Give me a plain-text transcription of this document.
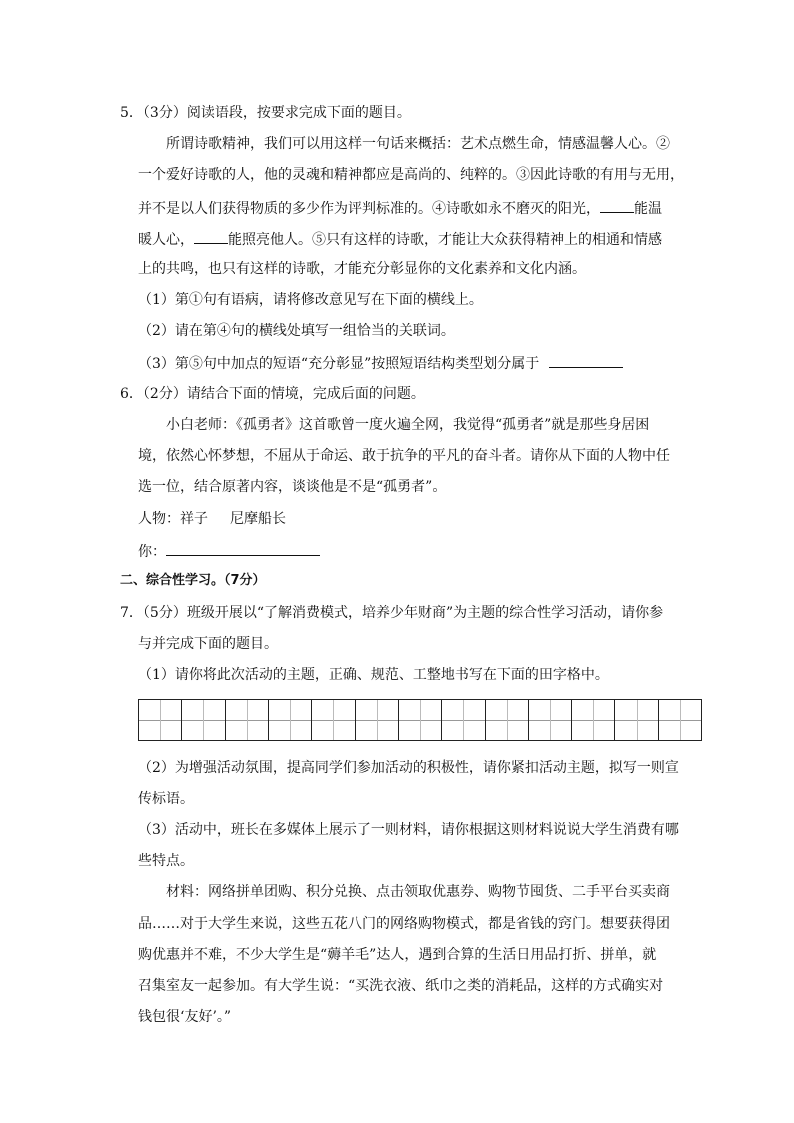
5．（3分）阅读语段，按要求完成下面的题目。
所谓诗歌精神，我们可以用这样一句话来概括：艺术点燃生命，情感温馨人心。②
一个爱好诗歌的人，他的灵魂和精神都应是高尚的、纯粹的。③因此诗歌的有用与无用，
并不是以人们获得物质的多少作为评判标准的。④诗歌如永不磨灭的阳光， 能温
暖人心， 能照亮他人。⑤只有这样的诗歌，才能让大众获得精神上的相通和情感
上的共鸣，也只有这样的诗歌，才能充分彰显你的文化素养和文化内涵。
（1）第①句有语病，请将修改意见写在下面的横线上。
（2）请在第④句的横线处填写一组恰当的关联词。
（3）第⑤句中加点的短语“充分彰显”按照短语结构类型划分属于
6．（2分）请结合下面的情境，完成后面的问题。
小白老师：《孤勇者》这首歌曾一度火遍全网，我觉得“孤勇者”就是那些身居困
境，依然心怀梦想，不屈从于命运、敢于抗争的平凡的奋斗者。请你从下面的人物中任
选一位，结合原著内容，谈谈他是不是“孤勇者”。
人物：祥子 尼摩船长
你：
二、综合性学习。（7分）
7．（5分）班级开展以“了解消费模式，培养少年财商”为主题的综合性学习活动，请你参
与并完成下面的题目。
（1）请你将此次活动的主题，正确、规范、工整地书写在下面的田字格中。
（2）为增强活动氛围，提高同学们参加活动的积极性，请你紧扣活动主题，拟写一则宣
传标语。
（3）活动中，班长在多媒体上展示了一则材料，请你根据这则材料说说大学生消费有哪
些特点。
材料：网络拼单团购、积分兑换、点击领取优惠券、购物节囤货、二手平台买卖商
品……对于大学生来说，这些五花八门的网络购物模式，都是省钱的窍门。想要获得团
购优惠并不难，不少大学生是“薅羊毛”达人，遇到合算的生活日用品打折、拼单，就
召集室友一起参加。有大学生说：“买洗衣液、纸巾之类的消耗品，这样的方式确实对
钱包很‘友好’。”
